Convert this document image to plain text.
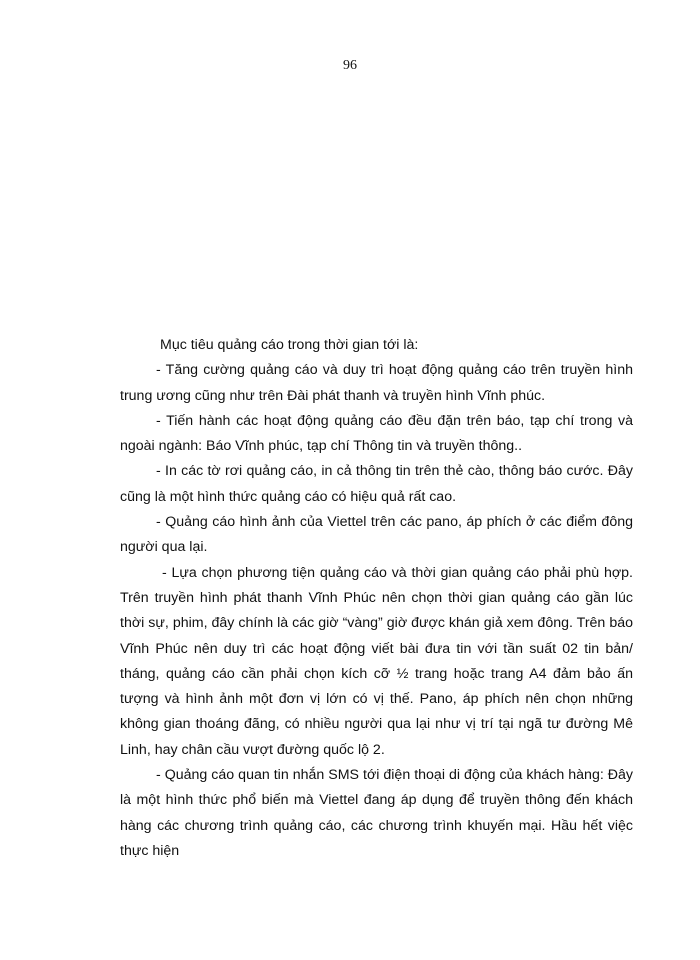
96

Mục tiêu quảng cáo trong thời gian tới là:

- Tăng cường quảng cáo và duy trì hoạt động quảng cáo trên truyền hình trung ương cũng như trên Đài phát thanh và truyền hình Vĩnh phúc.

- Tiến hành các hoạt động quảng cáo đều đặn trên báo, tạp chí trong và ngoài ngành: Báo Vĩnh phúc, tạp chí Thông tin và truyền thông..

- In các tờ rơi quảng cáo, in cả thông tin trên thẻ cào, thông báo cước. Đây cũng là một hình thức quảng cáo có hiệu quả rất cao.

- Quảng cáo hình ảnh của Viettel trên các pano, áp phích ở các điểm đông người qua lại.

- Lựa chọn phương tiện quảng cáo và thời gian quảng cáo phải phù hợp. Trên truyền hình phát thanh Vĩnh Phúc nên chọn thời gian quảng cáo gần lúc thời sự, phim, đây chính là các giờ “vàng” giờ được khán giả xem đông. Trên báo Vĩnh Phúc nên duy trì các hoạt động viết bài đưa tin với tần suất 02 tin bản/ tháng, quảng cáo cần phải chọn kích cỡ ½ trang hoặc trang A4 đảm bảo ấn tượng và hình ảnh một đơn vị lớn có vị thế. Pano, áp phích nên chọn những không gian thoáng đãng, có nhiều người qua lại như vị trí tại ngã tư đường Mê Linh, hay chân cầu vượt đường quốc lộ 2.

- Quảng cáo quan tin nhắn SMS tới điện thoại di động của khách hàng: Đây là một hình thức phổ biến mà Viettel đang áp dụng để truyền thông đến khách hàng các chương trình quảng cáo, các chương trình khuyến mại. Hầu hết việc thực hiện
